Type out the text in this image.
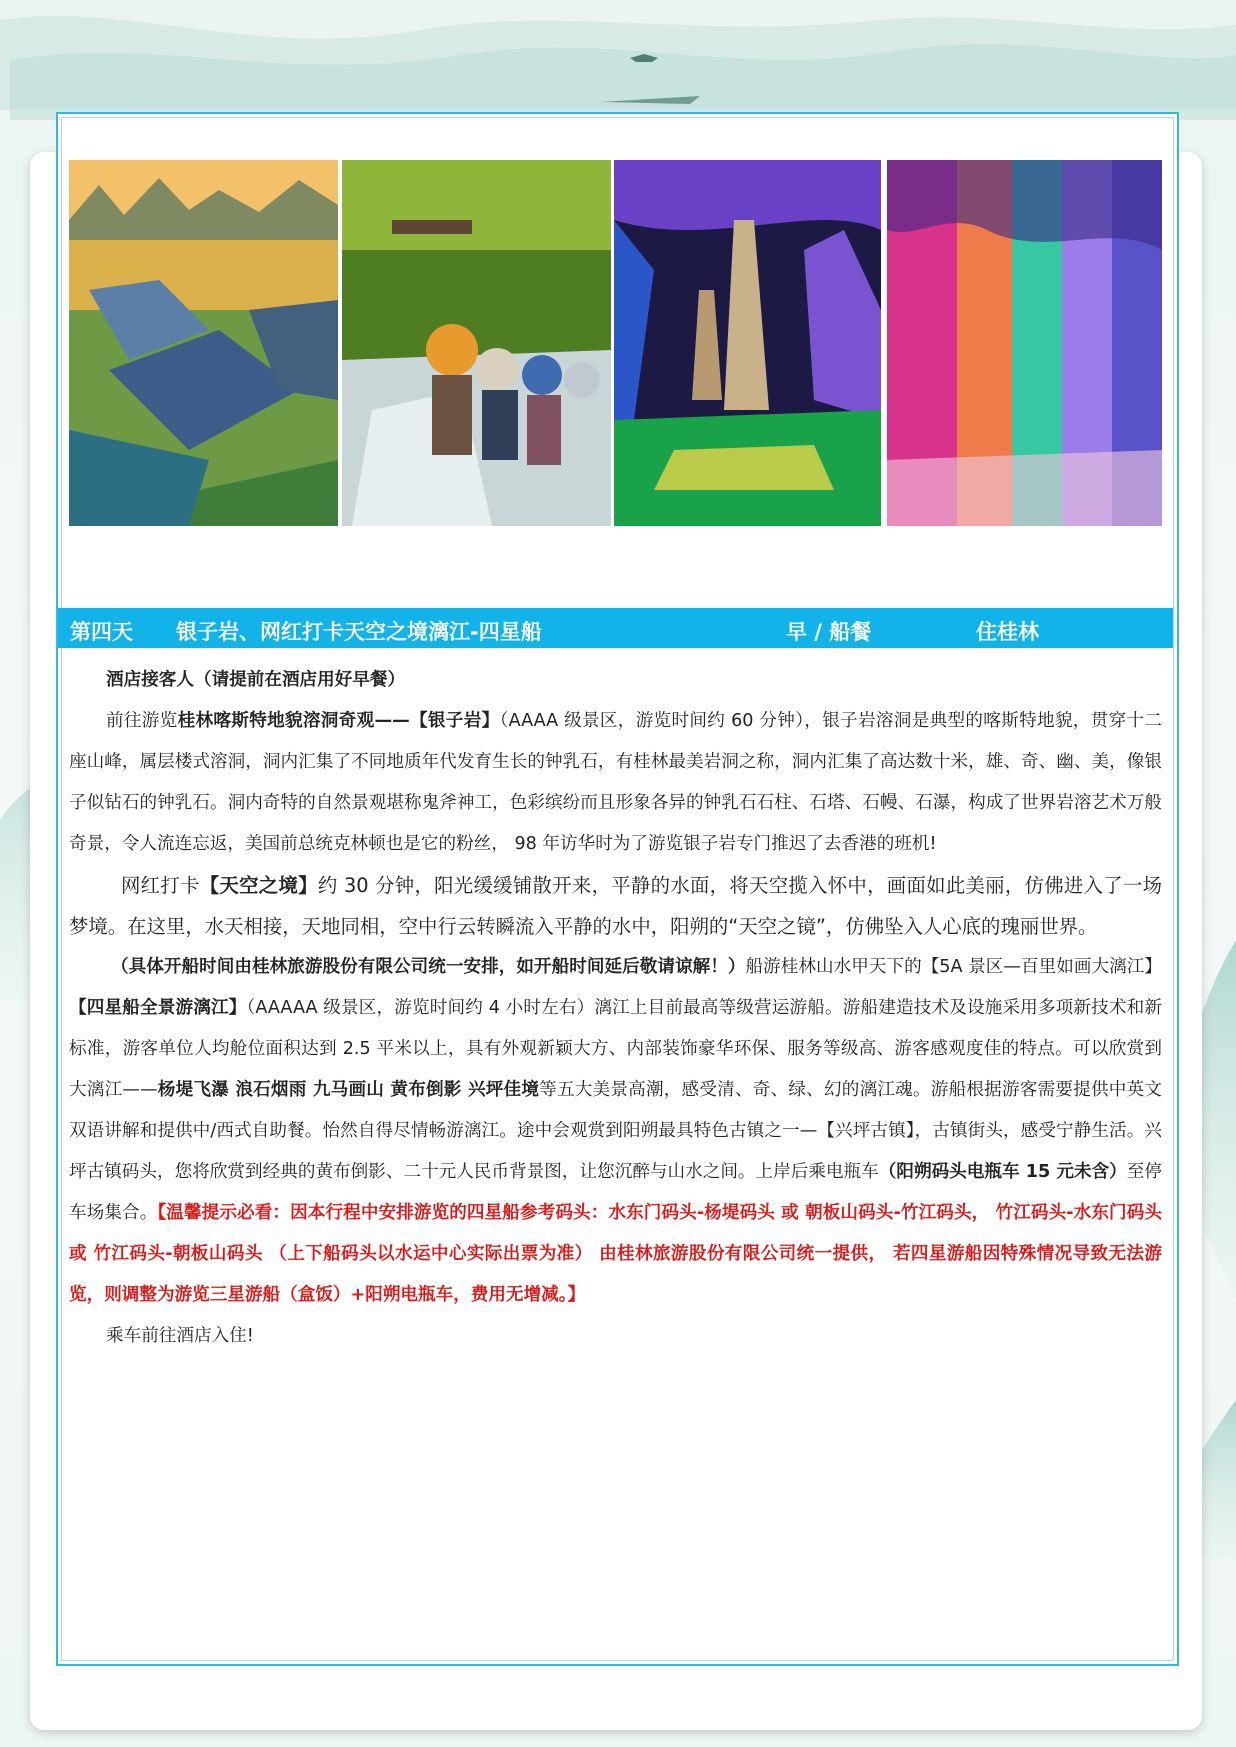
第四天 银子岩、网红打卡天空之境漓江-四星船	早 / 船餐	住桂林

酒店接客人（请提前在酒店用好早餐）

前往游览桂林喀斯特地貌溶洞奇观——【银子岩】（AAAA 级景区，游览时间约 60 分钟），银子岩溶洞是典型的喀斯特地貌，贯穿十二座山峰，属层楼式溶洞，洞内汇集了不同地质年代发育生长的钟乳石，有桂林最美岩洞之称，洞内汇集了高达数十米，雄、奇、幽、美，像银子似钻石的钟乳石。洞内奇特的自然景观堪称鬼斧神工，色彩缤纷而且形象各异的钟乳石石柱、石塔、石幔、石瀑，构成了世界岩溶艺术万般奇景，令人流连忘返，美国前总统克林顿也是它的粉丝， 98 年访华时为了游览银子岩专门推迟了去香港的班机!

网红打卡【天空之境】约 30 分钟，阳光缓缓铺散开来，平静的水面，将天空揽入怀中，画面如此美丽，仿佛进入了一场梦境。在这里，水天相接，天地同相，空中行云转瞬流入平静的水中，阳朔的“天空之镜”，仿佛坠入人心底的瑰丽世界。

（具体开船时间由桂林旅游股份有限公司统一安排，如开船时间延后敬请谅解！）船游桂林山水甲天下的【5A 景区—百里如画大漓江】【四星船全景游漓江】（AAAAA 级景区，游览时间约 4 小时左右）漓江上目前最高等级营运游船。游船建造技术及设施采用多项新技术和新标准，游客单位人均舱位面积达到 2.5 平米以上，具有外观新颖大方、内部装饰豪华环保、服务等级高、游客感观度佳的特点。可以欣赏到大漓江——杨堤飞瀑 浪石烟雨 九马画山 黄布倒影 兴坪佳境等五大美景高潮，感受清、奇、绿、幻的漓江魂。游船根据游客需要提供中英文双语讲解和提供中/西式自助餐。怡然自得尽情畅游漓江。途中会观赏到阳朔最具特色古镇之一—【兴坪古镇】，古镇街头，感受宁静生活。兴坪古镇码头，您将欣赏到经典的黄布倒影、二十元人民币背景图，让您沉醉与山水之间。上岸后乘电瓶车（阳朔码头电瓶车 15 元未含）至停车场集合。【温馨提示必看：因本行程中安排游览的四星船参考码头：水东门码头-杨堤码头 或 朝板山码头-竹江码头， 竹江码头-水东门码头 或 竹江码头-朝板山码头 （上下船码头以水运中心实际出票为准） 由桂林旅游股份有限公司统一提供， 若四星游船因特殊情况导致无法游览，则调整为游览三星游船（盒饭）+阳朔电瓶车，费用无增减。】

乘车前往酒店入住!
